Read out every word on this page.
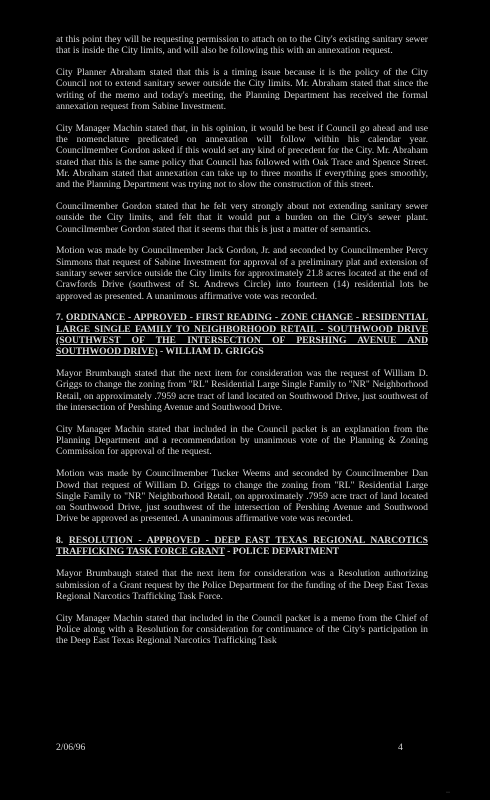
at this point they will be requesting permission to attach on to the City's existing sanitary sewer that is inside the City limits, and will also be following this with an annexation request.

City Planner Abraham stated that this is a timing issue because it is the policy of the City Council not to extend sanitary sewer outside the City limits. Mr. Abraham stated that since the writing of the memo and today's meeting, the Planning Department has received the formal annexation request from Sabine Investment.

City Manager Machin stated that, in his opinion, it would be best if Council go ahead and use the nomenclature predicated on annexation will follow within his calendar year. Councilmember Gordon asked if this would set any kind of precedent for the City. Mr. Abraham stated that this is the same policy that Council has followed with Oak Trace and Spence Street. Mr. Abraham stated that annexation can take up to three months if everything goes smoothly, and the Planning Department was trying not to slow the construction of this street.

Councilmember Gordon stated that he felt very strongly about not extending sanitary sewer outside the City limits, and felt that it would put a burden on the City's sewer plant. Councilmember Gordon stated that it seems that this is just a matter of semantics.

Motion was made by Councilmember Jack Gordon, Jr. and seconded by Councilmember Percy Simmons that request of Sabine Investment for approval of a preliminary plat and extension of sanitary sewer service outside the City limits for approximately 21.8 acres located at the end of Crawfords Drive (southwest of St. Andrews Circle) into fourteen (14) residential lots be approved as presented. A unanimous affirmative vote was recorded.

7. ORDINANCE - APPROVED - FIRST READING - ZONE CHANGE - RESIDENTIAL LARGE SINGLE FAMILY TO NEIGHBORHOOD RETAIL - SOUTHWOOD DRIVE (SOUTHWEST OF THE INTERSECTION OF PERSHING AVENUE AND SOUTHWOOD DRIVE) - WILLIAM D. GRIGGS

Mayor Brumbaugh stated that the next item for consideration was the request of William D. Griggs to change the zoning from "RL" Residential Large Single Family to "NR" Neighborhood Retail, on approximately .7959 acre tract of land located on Southwood Drive, just southwest of the intersection of Pershing Avenue and Southwood Drive.

City Manager Machin stated that included in the Council packet is an explanation from the Planning Department and a recommendation by unanimous vote of the Planning & Zoning Commission for approval of the request.

Motion was made by Councilmember Tucker Weems and seconded by Councilmember Dan Dowd that request of William D. Griggs to change the zoning from "RL" Residential Large Single Family to "NR" Neighborhood Retail, on approximately .7959 acre tract of land located on Southwood Drive, just southwest of the intersection of Pershing Avenue and Southwood Drive be approved as presented. A unanimous affirmative vote was recorded.

8. RESOLUTION - APPROVED - DEEP EAST TEXAS REGIONAL NARCOTICS TRAFFICKING TASK FORCE GRANT - POLICE DEPARTMENT

Mayor Brumbaugh stated that the next item for consideration was a Resolution authorizing submission of a Grant request by the Police Department for the funding of the Deep East Texas Regional Narcotics Trafficking Task Force.

City Manager Machin stated that included in the Council packet is a memo from the Chief of Police along with a Resolution for consideration for continuance of the City's participation in the Deep East Texas Regional Narcotics Trafficking Task

2/06/96	4
··
